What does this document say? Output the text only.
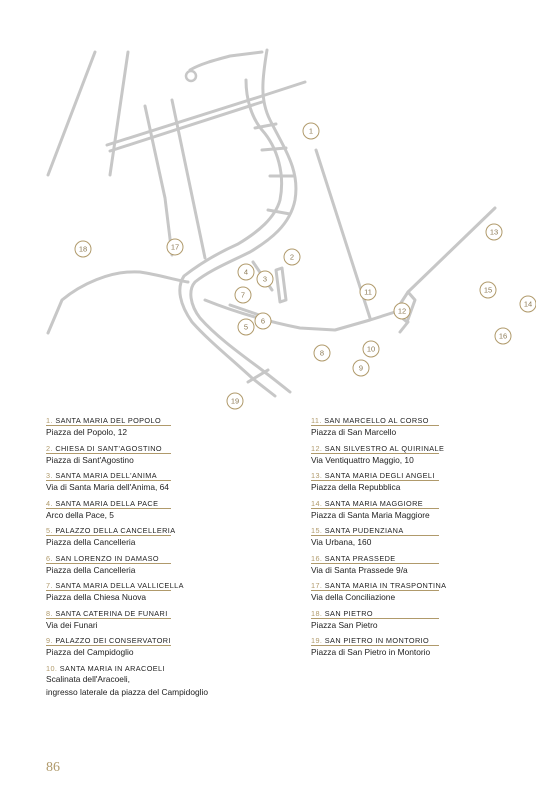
1
2
3
4
5
6
7
8
9
10
11
12
13
14
15
16
17
18
19
1. SANTA MARIA DEL POPOLO
Piazza del Popolo, 12
2. CHIESA DI SANT'AGOSTINO
Piazza di Sant'Agostino
3. SANTA MARIA DELL'ANIMA
Via di Santa Maria dell'Anima, 64
4. SANTA MARIA DELLA PACE
Arco della Pace, 5
5. PALAZZO DELLA CANCELLERIA
Piazza della Cancelleria
6. SAN LORENZO IN DAMASO
Piazza della Cancelleria
7. SANTA MARIA DELLA VALLICELLA
Piazza della Chiesa Nuova
8. SANTA CATERINA DE FUNARI
Via dei Funari
9. PALAZZO DEI CONSERVATORI
Piazza del Campidoglio
10. SANTA MARIA IN ARACOELI
Scalinata dell'Aracoeli,
ingresso laterale da piazza del Campidoglio
11. SAN MARCELLO AL CORSO
Piazza di San Marcello
12. SAN SILVESTRO AL QUIRINALE
Via Ventiquattro Maggio, 10
13. SANTA MARIA DEGLI ANGELI
Piazza della Repubblica
14. SANTA MARIA MAGGIORE
Piazza di Santa Maria Maggiore
15. SANTA PUDENZIANA
Via Urbana, 160
16. SANTA PRASSEDE
Via di Santa Prassede 9/a
17. SANTA MARIA IN TRASPONTINA
Via della Conciliazione
18. SAN PIETRO
Piazza San Pietro
19. SAN PIETRO IN MONTORIO
Piazza di San Pietro in Montorio
86
